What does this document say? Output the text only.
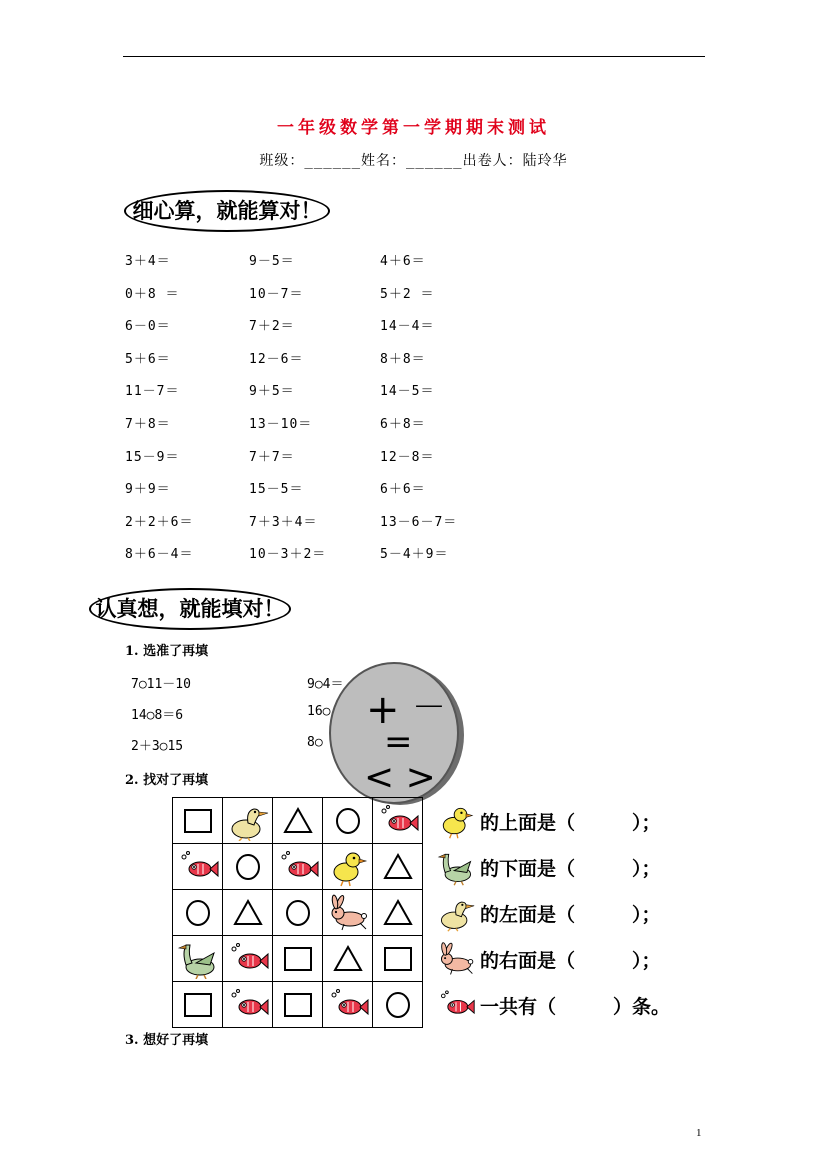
一年级数学第一学期期末测试
班级：______姓名：______出卷人：陆玲华
细心算，就能算对！
3＋4＝	9－5＝	4＋6＝
0＋8 ＝	10－7＝	5＋2 ＝
6－0＝	7＋2＝	14－4＝
5＋6＝	12－6＝	8＋8＝
11－7＝	9＋5＝	14－5＝
7＋8＝	13－10＝	6＋8＝
15－9＝	7＋7＝	12－8＝
9＋9＝	15－5＝	6＋6＝
2＋2＋6＝	7＋3＋4＝	13－6－7＝
8＋6－4＝	10－3＋2＝	5－4＋9＝
认真想，就能填对！
1. 选准了再填
7○11－10	9○4＝
14○8＝6	16○
2＋3○15	8○
+ －
=
< >
2. 找对了再填

的上面是（　　　）；
的下面是（　　　）；
的左面是（　　　）；
的右面是（　　　）；
一共有（　　　）条。
3. 想好了再填
1
